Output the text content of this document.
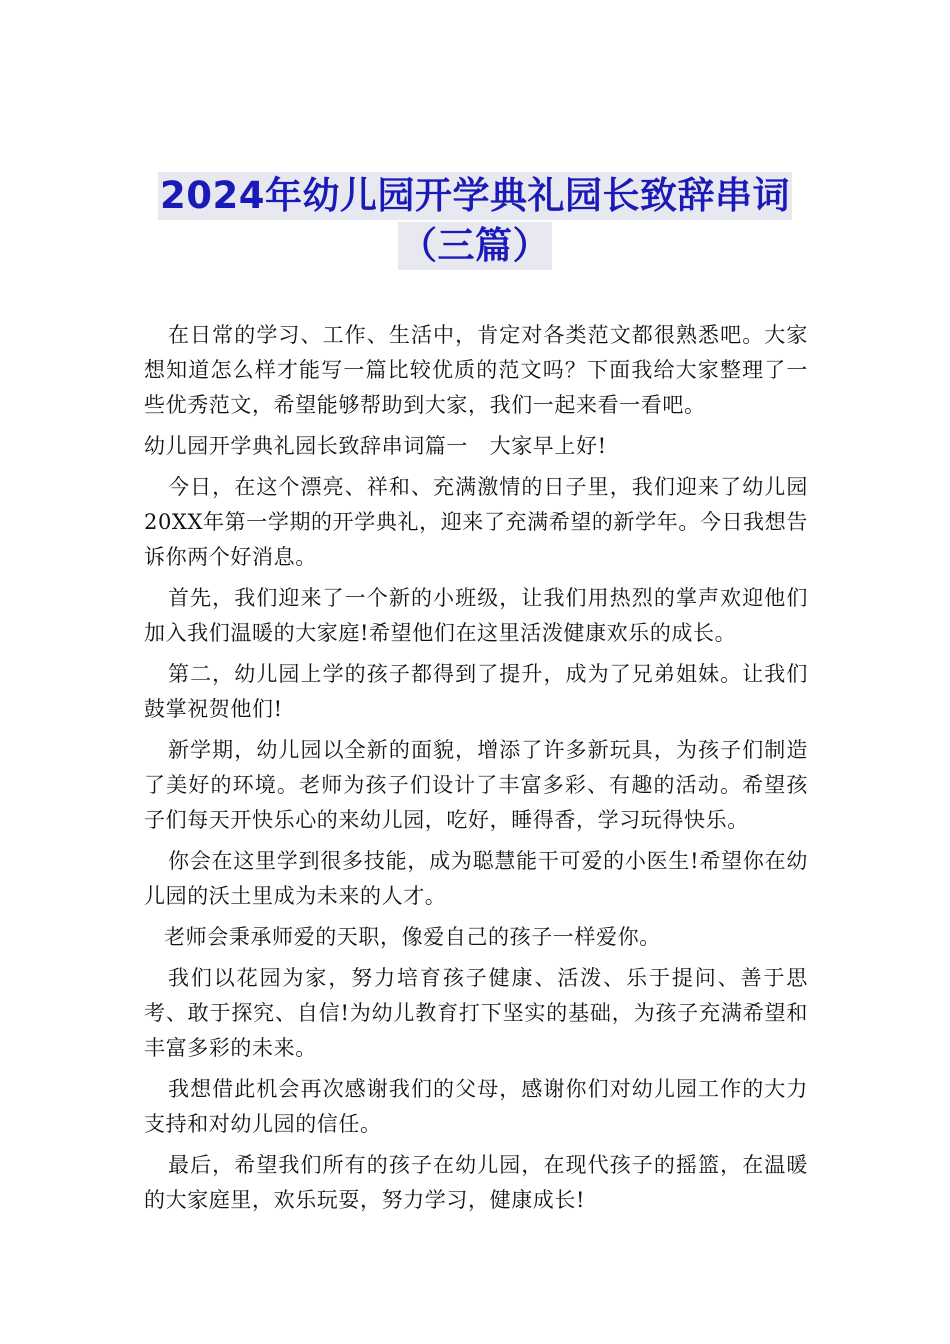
2024年幼儿园开学典礼园长致辞串词
（三篇）

在日常的学习、工作、生活中，肯定对各类范文都很熟悉吧。大家想知道怎么样才能写一篇比较优质的范文吗？下面我给大家整理了一些优秀范文，希望能够帮助到大家，我们一起来看一看吧。

幼儿园开学典礼园长致辞串词篇一　大家早上好!

今日，在这个漂亮、祥和、充满激情的日子里，我们迎来了幼儿园20XX年第一学期的开学典礼，迎来了充满希望的新学年。今日我想告诉你两个好消息。

首先，我们迎来了一个新的小班级，让我们用热烈的掌声欢迎他们加入我们温暖的大家庭!希望他们在这里活泼健康欢乐的成长。

第二，幼儿园上学的孩子都得到了提升，成为了兄弟姐妹。让我们鼓掌祝贺他们!

新学期，幼儿园以全新的面貌，增添了许多新玩具，为孩子们制造了美好的环境。老师为孩子们设计了丰富多彩、有趣的活动。希望孩子们每天开快乐心的来幼儿园，吃好，睡得香，学习玩得快乐。

你会在这里学到很多技能，成为聪慧能干可爱的小医生!希望你在幼儿园的沃土里成为未来的人才。

老师会秉承师爱的天职，像爱自己的孩子一样爱你。

我们以花园为家，努力培育孩子健康、活泼、乐于提问、善于思考、敢于探究、自信!为幼儿教育打下坚实的基础，为孩子充满希望和丰富多彩的未来。

我想借此机会再次感谢我们的父母，感谢你们对幼儿园工作的大力支持和对幼儿园的信任。

最后，希望我们所有的孩子在幼儿园，在现代孩子的摇篮，在温暖的大家庭里，欢乐玩耍，努力学习，健康成长!
